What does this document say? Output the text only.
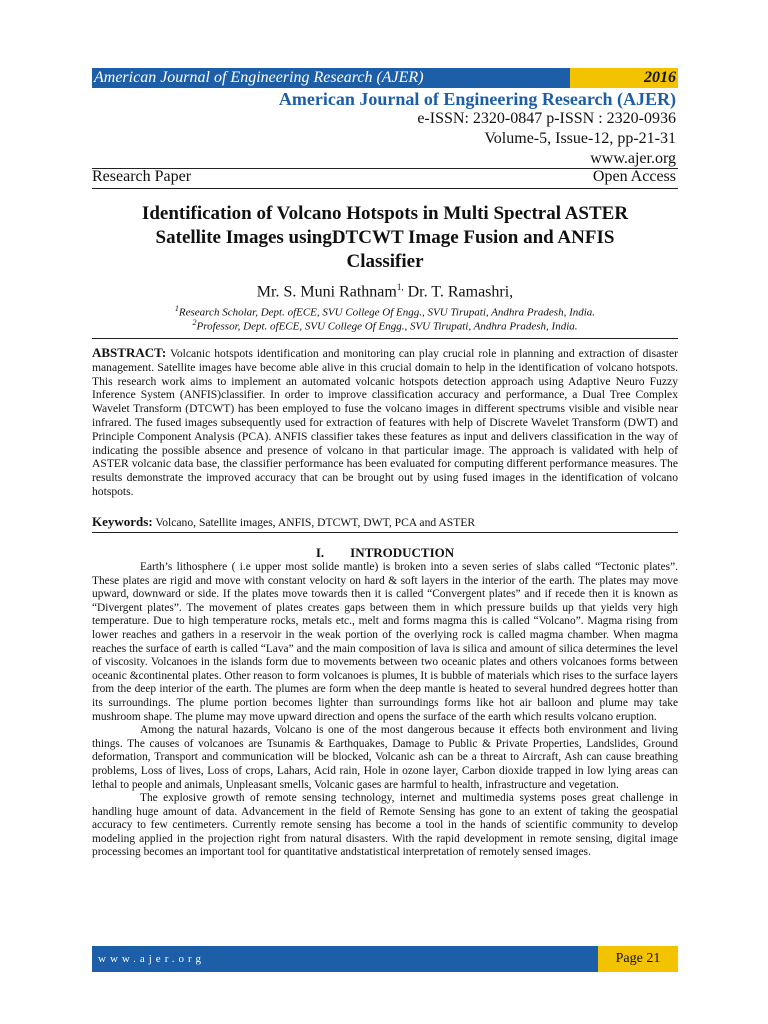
American Journal of Engineering Research (AJER)	2016
American Journal of Engineering Research (AJER)
e-ISSN: 2320-0847 p-ISSN : 2320-0936
Volume-5, Issue-12, pp-21-31
www.ajer.org
Research Paper	Open Access
Identification of Volcano Hotspots in Multi Spectral ASTER
Satellite Images usingDTCWT Image Fusion and ANFIS
Classifier
Mr. S. Muni Rathnam$^{1,}$ Dr. T. Ramashri,
$^1$Research Scholar, Dept. ofECE, SVU College Of Engg., SVU Tirupati, Andhra Pradesh, India.
$^2$Professor, Dept. ofECE, SVU College Of Engg., SVU Tirupati, Andhra Pradesh, India.
ABSTRACT: Volcanic hotspots identification and monitoring can play crucial role in planning and extraction of disaster management. Satellite images have become able alive in this crucial domain to help in the identification of volcano hotspots. This research work aims to implement an automated volcanic hotspots detection approach using Adaptive Neuro Fuzzy Inference System (ANFIS)classifier. In order to improve classification accuracy and performance, a Dual Tree Complex Wavelet Transform (DTCWT) has been employed to fuse the volcano images in different spectrums visible and visible near infrared. The fused images subsequently used for extraction of features with help of Discrete Wavelet Transform (DWT) and Principle Component Analysis (PCA). ANFIS classifier takes these features as input and delivers classification in the way of indicating the possible absence and presence of volcano in that particular image. The approach is validated with help of ASTER volcanic data base, the classifier performance has been evaluated for computing different performance measures. The results demonstrate the improved accuracy that can be brought out by using fused images in the identification of volcano hotspots.
Keywords: Volcano, Satellite images, ANFIS, DTCWT, DWT, PCA and ASTER
I.        INTRODUCTION

Earth’s lithosphere ( i.e upper most solide mantle) is broken into a seven series of slabs called “Tectonic plates”. These plates are rigid and move with constant velocity on hard & soft layers in the interior of the earth. The plates may move upward, downward or side. If the plates move towards then it is called “Convergent plates” and if recede then it is known as “Divergent plates”. The movement of plates creates gaps between them in which pressure builds up that yields very high temperature. Due to high temperature rocks, metals etc., melt and forms magma this is called “Volcano”. Magma rising from lower reaches and gathers in a reservoir in the weak portion of the overlying rock is called magma chamber. When magma reaches the surface of earth is called “Lava” and the main composition of lava is silica and amount of silica determines the level of viscosity. Volcanoes in the islands form due to movements between two oceanic plates and others volcanoes forms between oceanic &continental plates. Other reason to form volcanoes is plumes, It is bubble of materials which rises to the surface layers from the deep interior of the earth. The plumes are form when the deep mantle is heated to several hundred degrees hotter than its surroundings. The plume portion becomes lighter than surroundings forms like hot air balloon and plume may take mushroom shape. The plume may move upward direction and opens the surface of the earth which results volcano eruption.

Among the natural hazards, Volcano is one of the most dangerous because it effects both environment and living things. The causes of volcanoes are Tsunamis & Earthquakes, Damage to Public & Private Properties, Landslides, Ground deformation, Transport and communication will be blocked, Volcanic ash can be a threat to Aircraft, Ash can cause breathing problems, Loss of lives, Loss of crops, Lahars, Acid rain, Hole in ozone layer, Carbon dioxide trapped in low lying areas can lethal to people and animals, Unpleasant smells, Volcanic gases are harmful to health, infrastructure and vegetation.

The explosive growth of remote sensing technology, internet and multimedia systems poses great challenge in handling huge amount of data. Advancement in the field of Remote Sensing has gone to an extent of taking the geospatial accuracy to few centimeters. Currently remote sensing has become a tool in the hands of scientific community to develop modeling applied in the projection right from natural disasters. With the rapid development in remote sensing, digital image processing becomes an important tool for quantitative andstatistical interpretation of remotely sensed images.

www.ajer.org	Page 21
